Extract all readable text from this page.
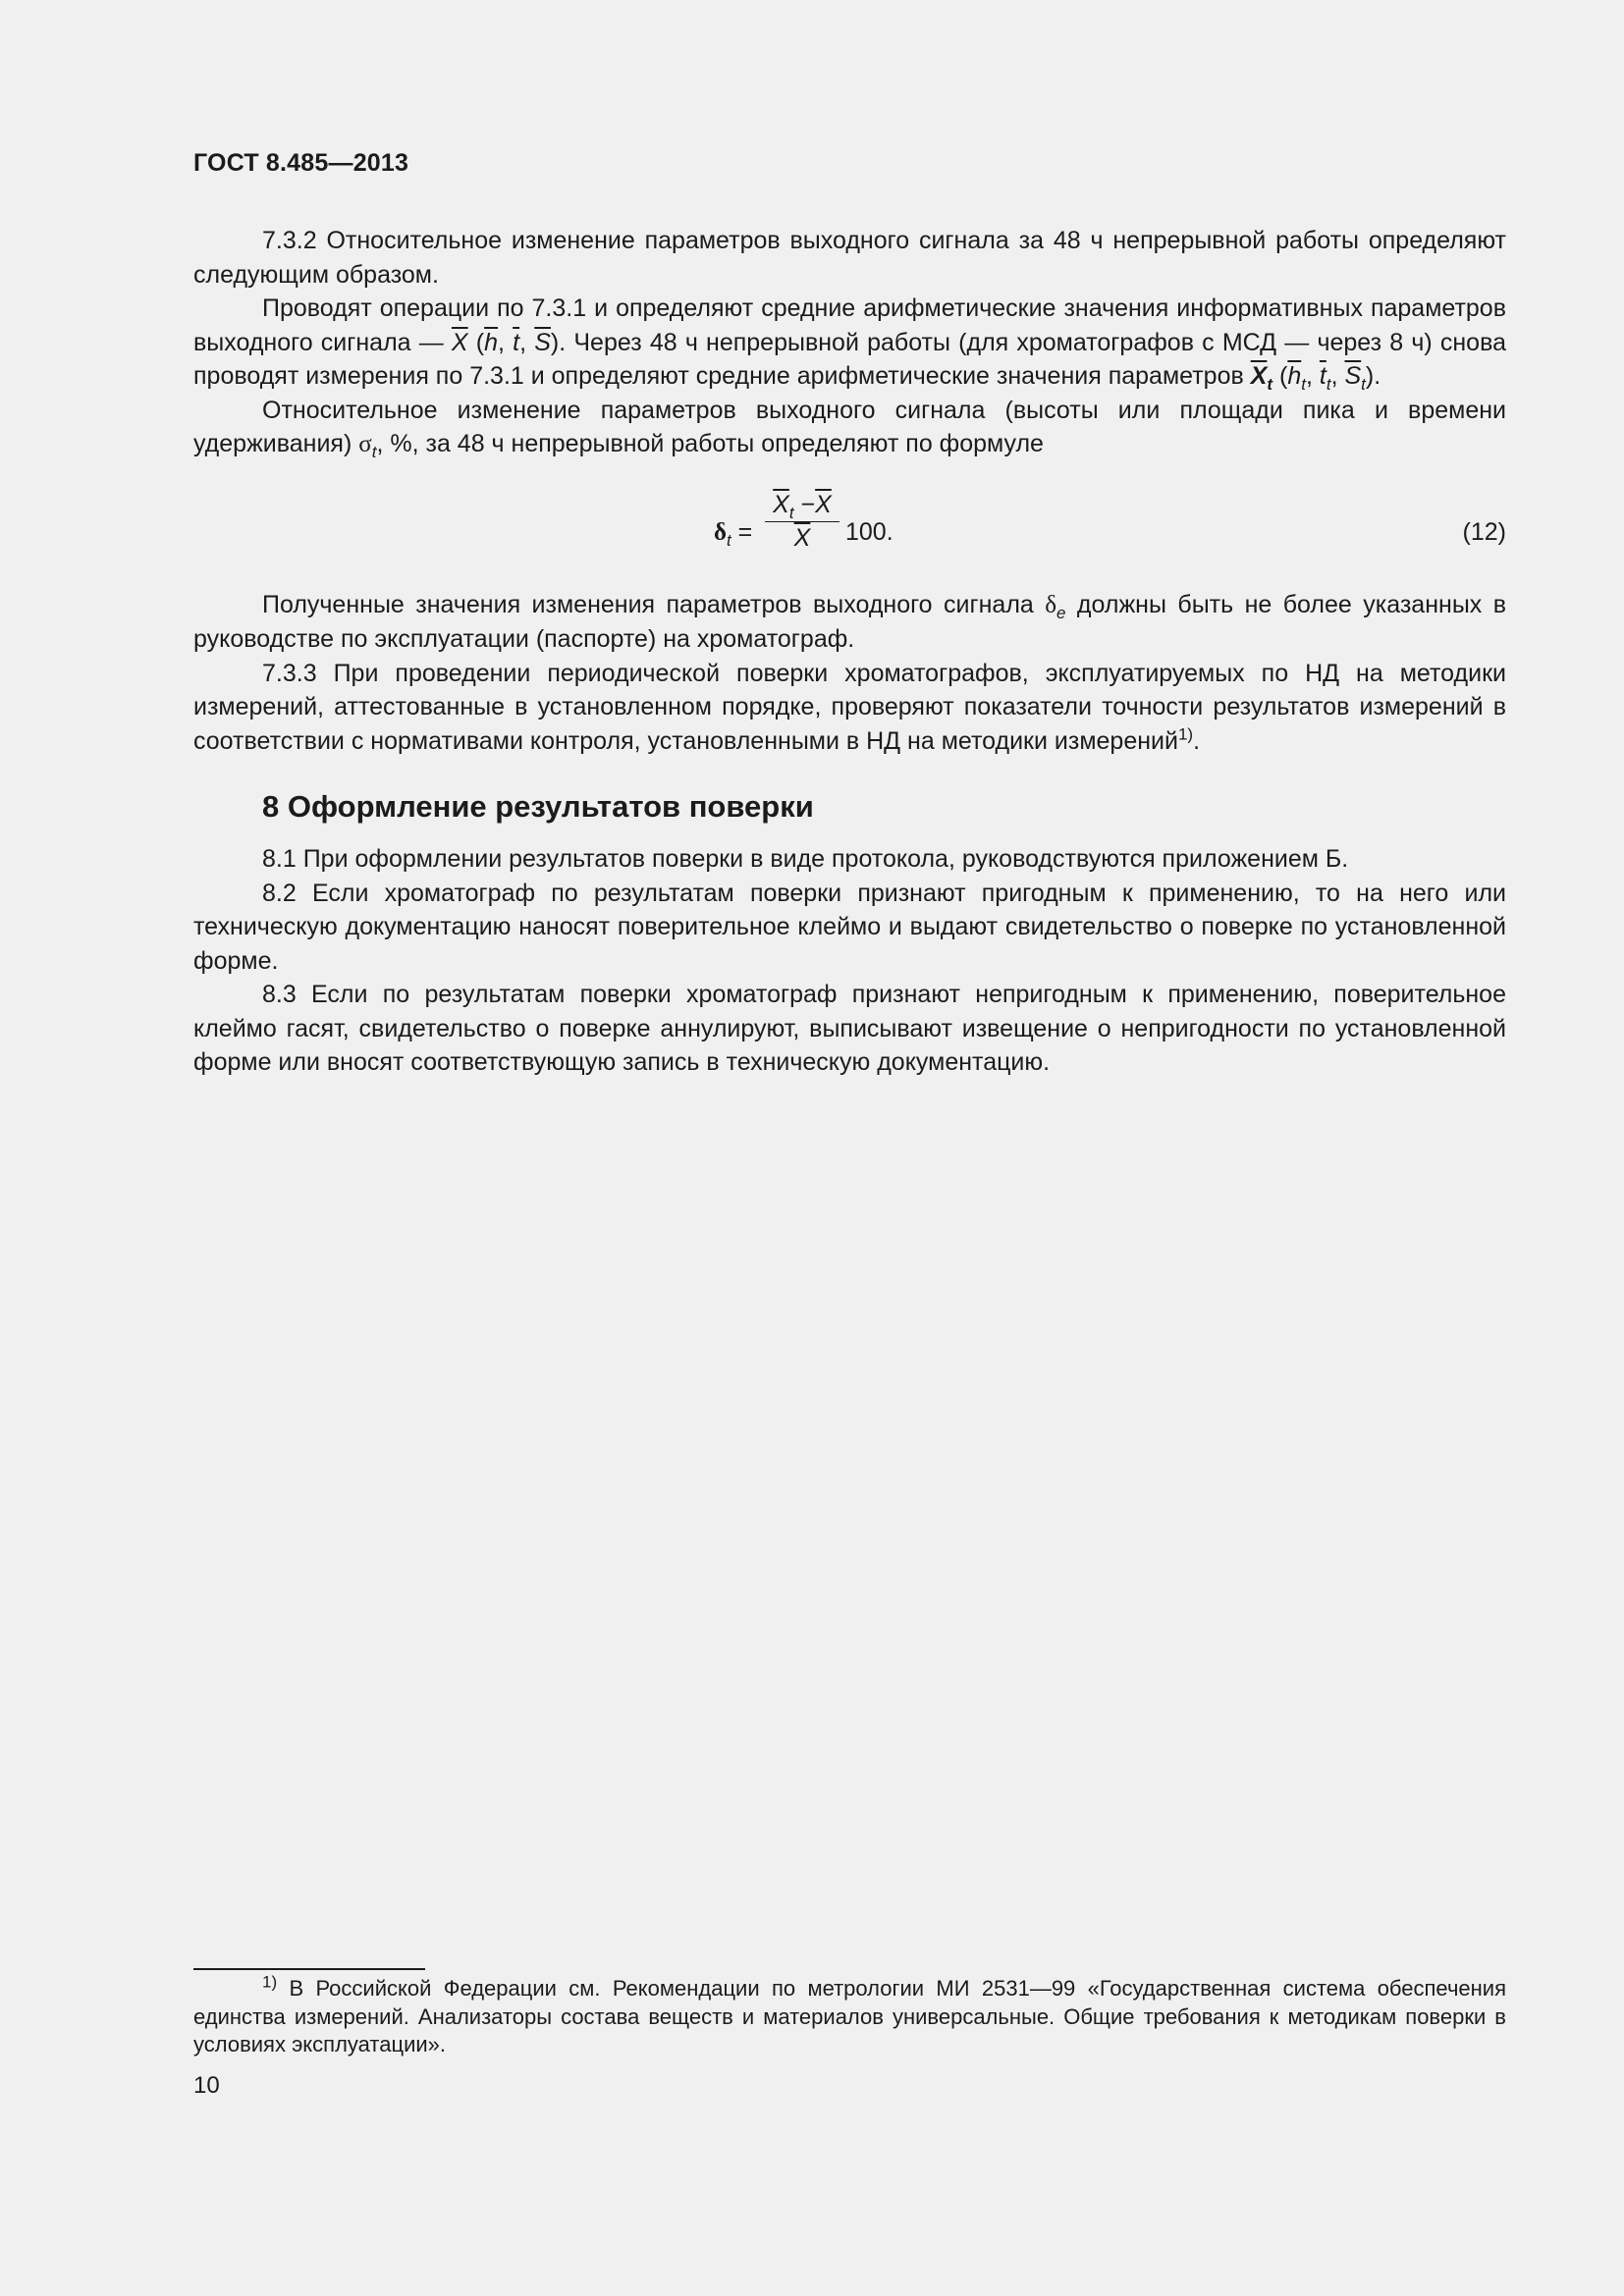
ГОСТ 8.485—2013

7.3.2 Относительное изменение параметров выходного сигнала за 48 ч непрерывной работы определяют следующим образом.

Проводят операции по 7.3.1 и определяют средние арифметические значения информативных параметров выходного сигнала — $\overline{X}$ ($\overline{h}$, $\overline{t}$, $\overline{S}$). Через 48 ч непрерывной работы (для хроматографов с МСД — через 8 ч) снова проводят измерения по 7.3.1 и определяют средние арифметические значения параметров $\overline{X}_t$ ($\overline{h}_t$, $\overline{t}_t$, $\overline{S}_t$).

Относительное изменение параметров выходного сигнала (высоты или площади пика и времени удерживания) $\sigma_t$, %, за 48 ч непрерывной работы определяют по формуле

$\delta_t = \frac{\overline{X}_t -\overline{X}}{X} 100$.	(12)

Полученные значения изменения параметров выходного сигнала $\delta_e$ должны быть не более указанных в руководстве по эксплуатации (паспорте) на хроматограф.

7.3.3 При проведении периодической поверки хроматографов, эксплуатируемых по НД на методики измерений, аттестованные в установленном порядке, проверяют показатели точности результатов измерений в соответствии с нормативами контроля, установленными в НД на методики измерений$^{1)}$.

8 Оформление результатов поверки

8.1 При оформлении результатов поверки в виде протокола, руководствуются приложением Б.

8.2 Если хроматограф по результатам поверки признают пригодным к применению, то на него или техническую документацию наносят поверительное клеймо и выдают свидетельство о поверке по установленной форме.

8.3 Если по результатам поверки хроматограф признают непригодным к применению, поверительное клеймо гасят, свидетельство о поверке аннулируют, выписывают извещение о непригодности по установленной форме или вносят соответствующую запись в техническую документацию.

$^{1)}$ В Российской Федерации см. Рекомендации по метрологии МИ 2531—99 «Государственная система обеспечения единства измерений. Анализаторы состава веществ и материалов универсальные. Общие требования к методикам поверки в условиях эксплуатации».

10
